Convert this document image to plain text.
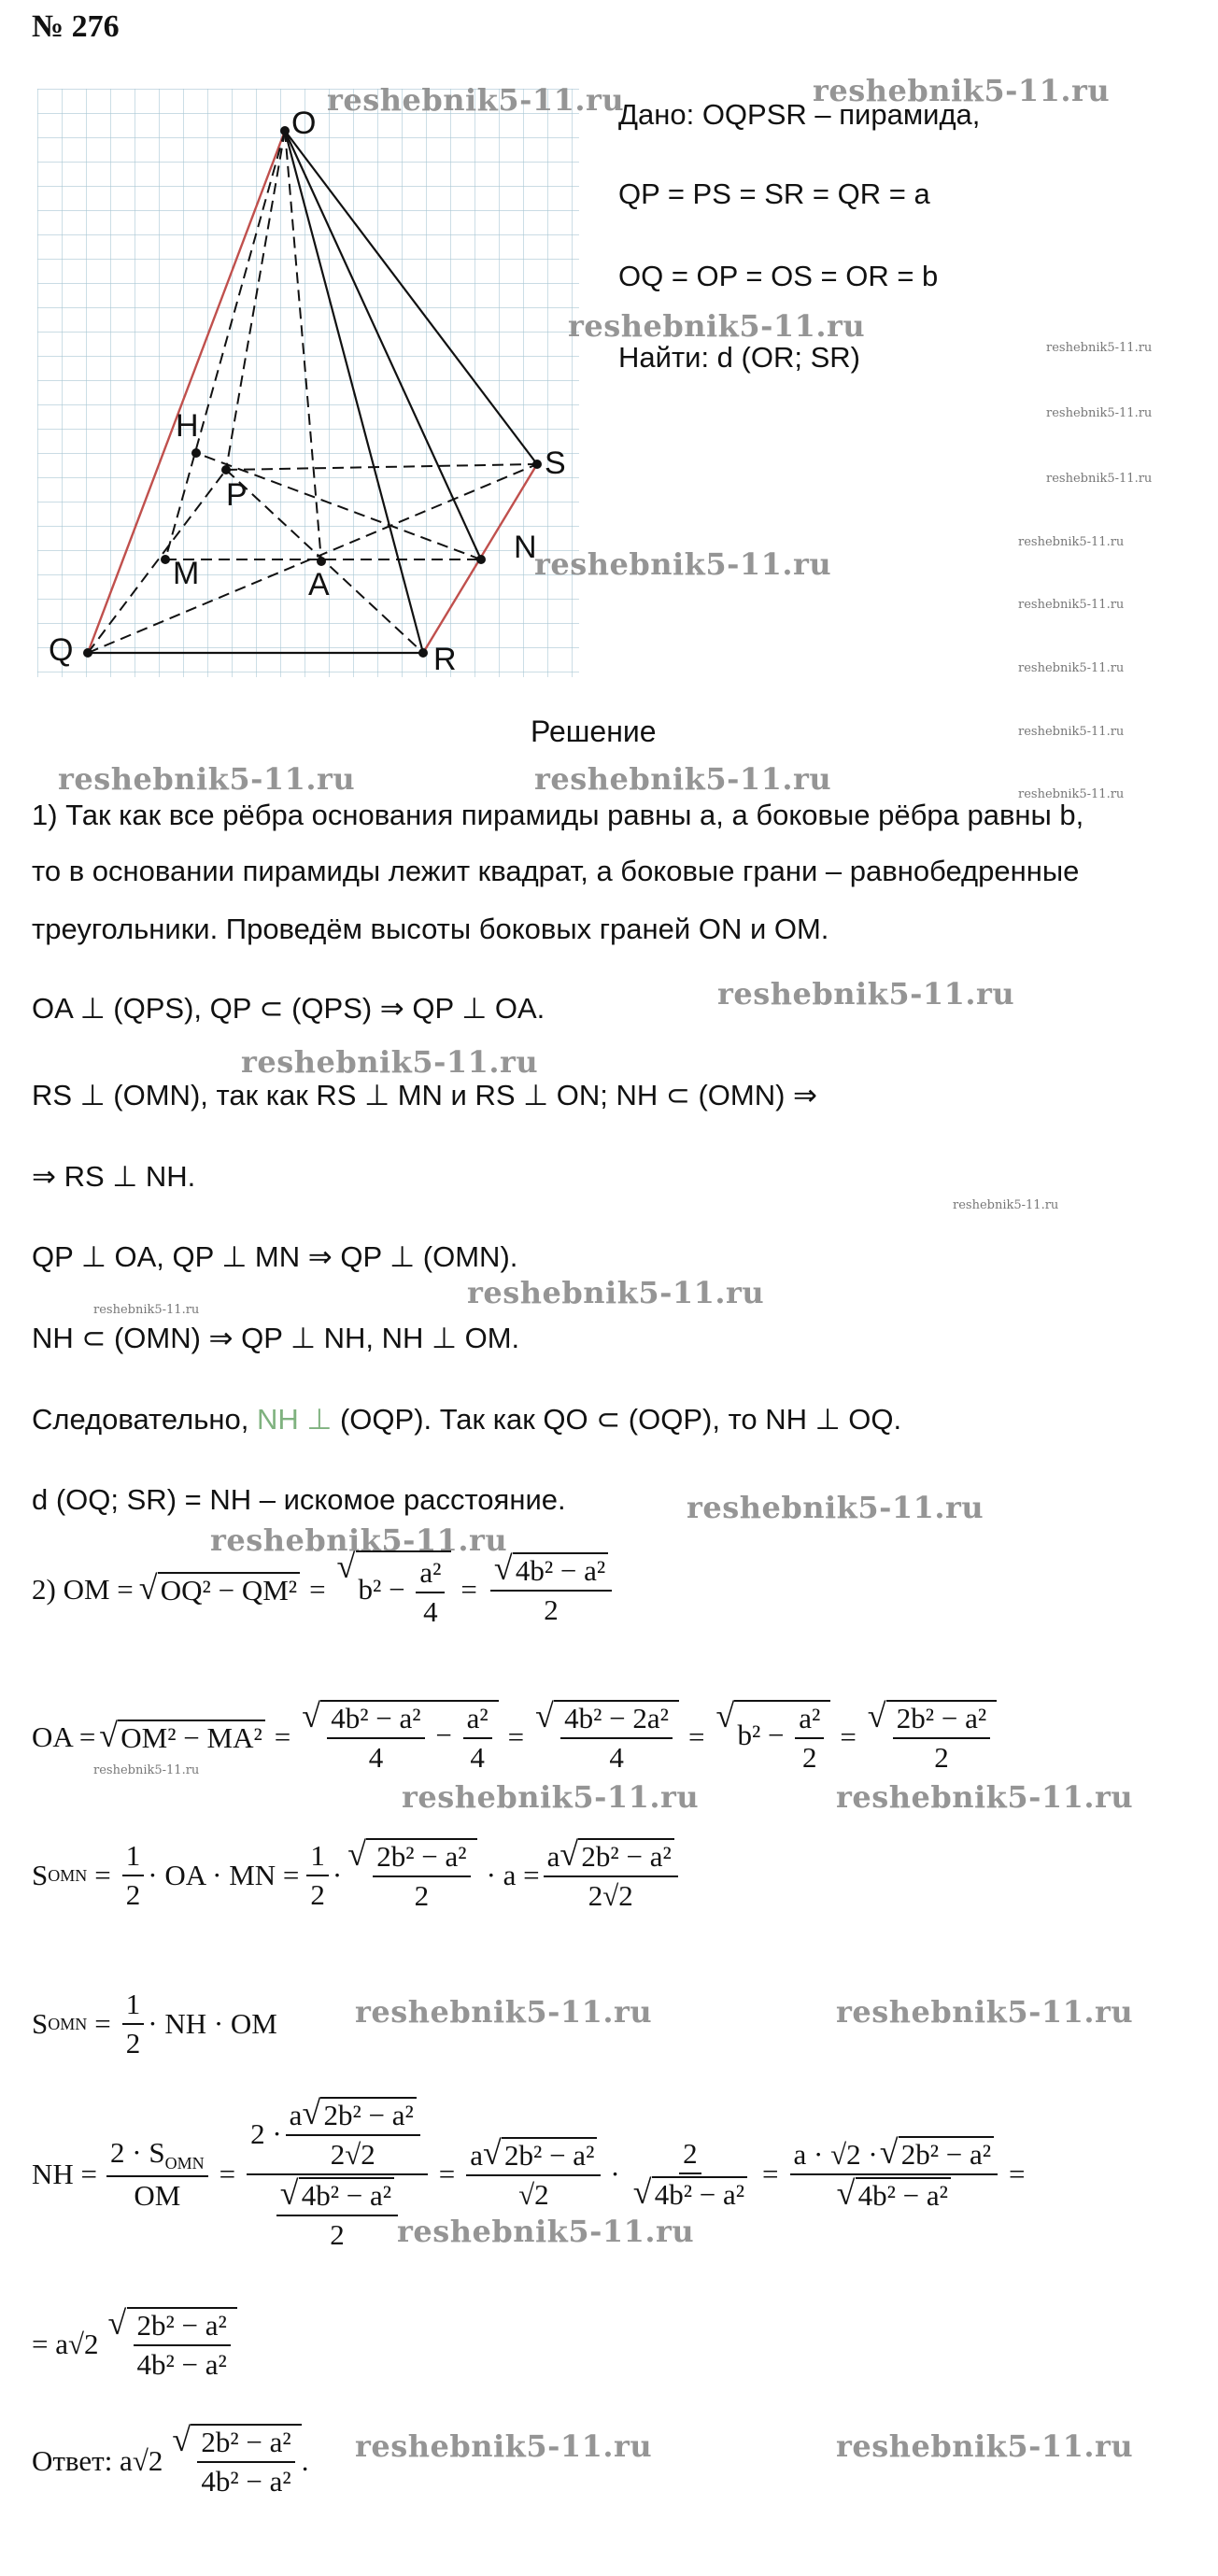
№ 276
O
H
P
S
N
M	A
Q	R
Дано: OQPSR – пирамида,
QP = PS = SR = QR = a
OQ = OP = OS = OR = b
Найти: d (OR; SR)
reshebnik5-11.ru	reshebnik5-11.ru
reshebnik5-11.ru
reshebnik5-11.ru
reshebnik5-11.ru	reshebnik5-11.ru
reshebnik5-11.ru
reshebnik5-11.ru
reshebnik5-11.ru
reshebnik5-11.ru
reshebnik5-11.ru
reshebnik5-11.ru	reshebnik5-11.ru
reshebnik5-11.ru	reshebnik5-11.ru
reshebnik5-11.ru
reshebnik5-11.ru	reshebnik5-11.ru
reshebnik5-11.ru
reshebnik5-11.ru
reshebnik5-11.ru
reshebnik5-11.ru
reshebnik5-11.ru
reshebnik5-11.ru
reshebnik5-11.ru
reshebnik5-11.ru
reshebnik5-11.ru
reshebnik5-11.ru
reshebnik5-11.ru
Решение
1) Так как все рёбра основания пирамиды равны a, а боковые рёбра равны b,
то в основании пирамиды лежит квадрат, а боковые грани – равнобедренные
треугольники. Проведём высоты боковых граней ON и OM.
OA ⊥ (QPS), QP ⊂ (QPS) ⇒ QP ⊥ OA.
RS ⊥ (OMN), так как RS ⊥ MN и RS ⊥ ON; NH ⊂ (OMN) ⇒
⇒ RS ⊥ NH.
QP ⊥ OA, QP ⊥ MN ⇒ QP ⊥ (OMN).
NH ⊂ (OMN) ⇒ QP ⊥ NH, NH ⊥ OM.
Следовательно, NH ⊥ (OQP). Так как QO ⊂ (OQP), то NH ⊥ OQ.
d (OQ; SR) = NH – искомое расстояние.
2) OM = √ OQ² − QM² = √ $b^2 - \frac{\text{a²}}{4}$ = √ $\frac{\text{4b² − a²}}{2}$
OA = √ OM² − MA² = √ $\frac{\text{4b² − a²}}{4} - \frac{\text{a²}}{4}$ = √ $\frac{\text{4b² − 2a²}}{4}$ = √ $b^2 - \frac{\text{a²}}{2}$ = √ $\frac{\text{2b² − a²}}{2}$
S OMN = $\frac{1}{2}$ · OA · MN = $\frac{1}{2}$ · √ $\frac{\text{2b² − a²}}{2} \cdot a = \frac{\text{a √ 2b² − a²}}{2√2}$
S OMN = $\frac{1}{2}$ · NH · OM
NH = $\frac{2 \cdot S_{OMN}}{OM} = 2 \cdot \frac{\text{a √ 2b² − a²}}{2√2}$
√ $\frac{\text{4b² − a²}}{2} = \frac{\text{a √ 2b² − a²}}{√2} \cdot 2$
√ 4b² − a² = a · √2 · √ 2b² − a²
√ 4b² − a² =
= a√2 √ $\frac{\text{2b² − a²}}{\text{4b² − a²}}$
Ответ: a√2 √ $\frac{\text{2b² − a²}}{\text{4b² − a²}}$ .
